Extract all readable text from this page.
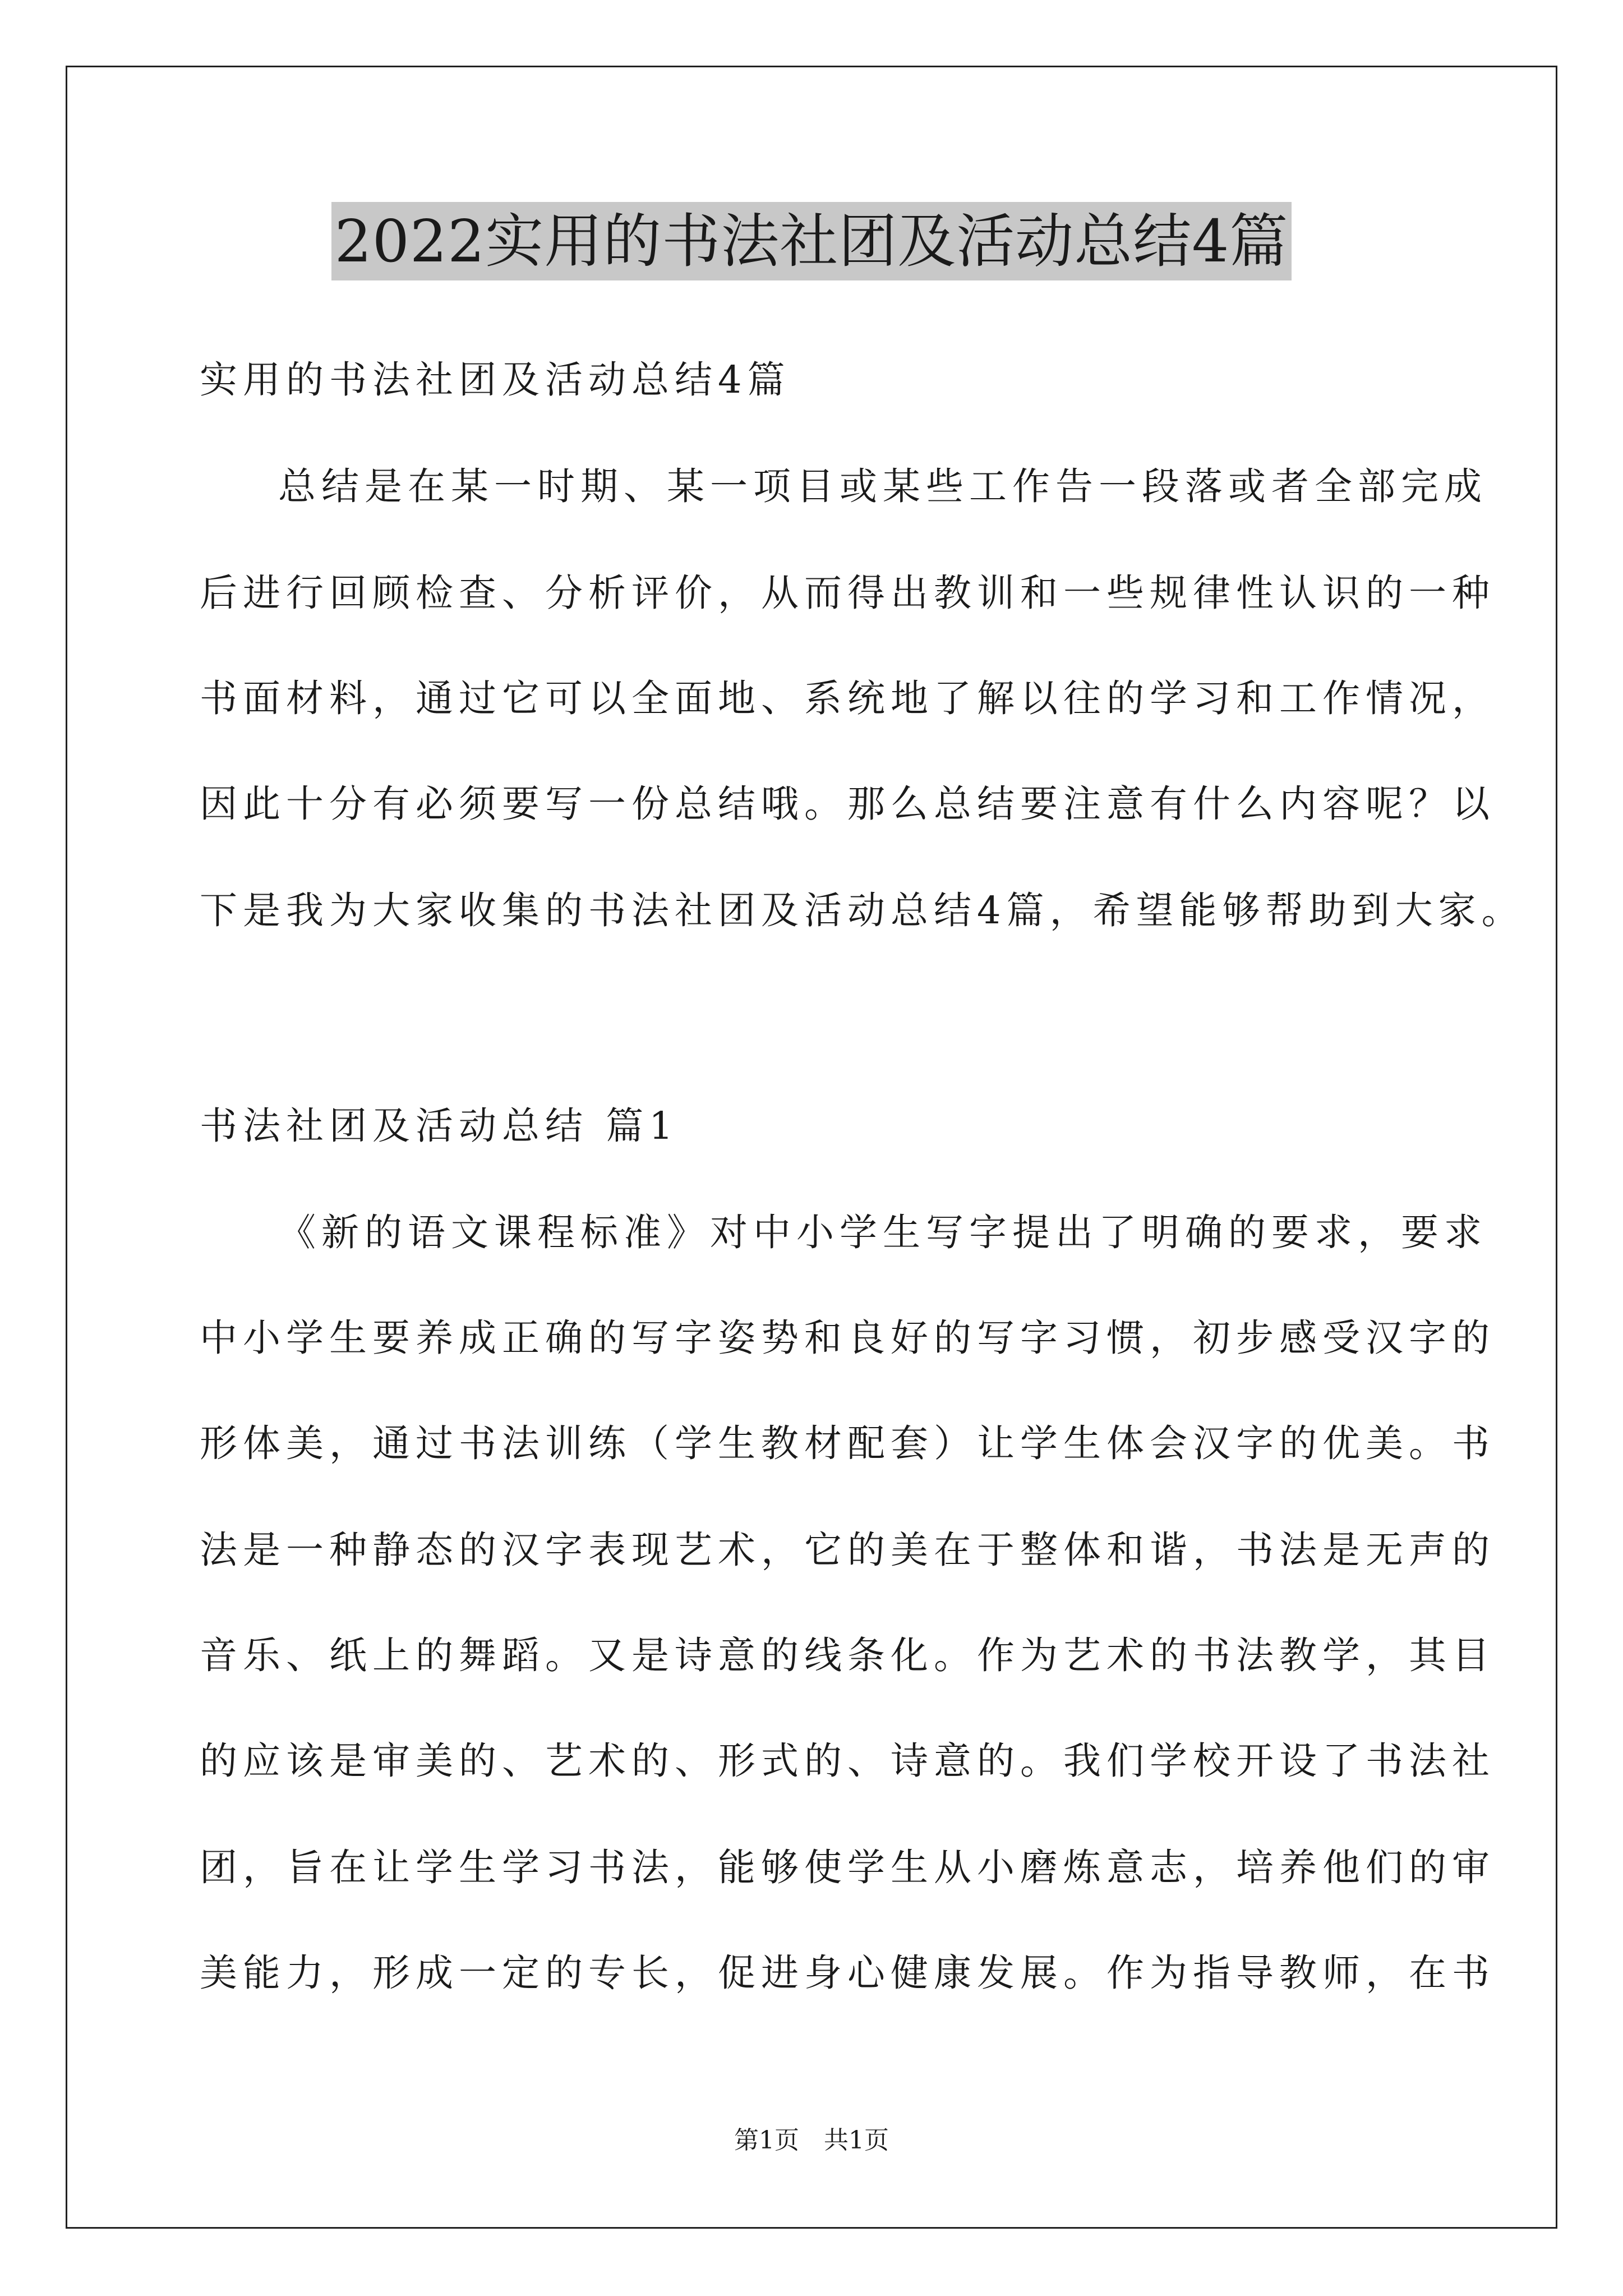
2022实用的书法社团及活动总结4篇
实用的书法社团及活动总结4篇
总结是在某一时期、某一项目或某些工作告一段落或者全部完成
后进行回顾检查、分析评价，从而得出教训和一些规律性认识的一种
书面材料，通过它可以全面地、系统地了解以往的学习和工作情况，
因此十分有必须要写一份总结哦。那么总结要注意有什么内容呢？以
下是我为大家收集的书法社团及活动总结4篇，希望能够帮助到大家。
书法社团及活动总结 篇1
《新的语文课程标准》对中小学生写字提出了明确的要求，要求
中小学生要养成正确的写字姿势和良好的写字习惯，初步感受汉字的
形体美，通过书法训练（学生教材配套）让学生体会汉字的优美。书
法是一种静态的汉字表现艺术，它的美在于整体和谐，书法是无声的
音乐、纸上的舞蹈。又是诗意的线条化。作为艺术的书法教学，其目
的应该是审美的、艺术的、形式的、诗意的。我们学校开设了书法社
团，旨在让学生学习书法，能够使学生从小磨炼意志，培养他们的审
美能力，形成一定的专长，促进身心健康发展。作为指导教师，在书
第1页　共1页
